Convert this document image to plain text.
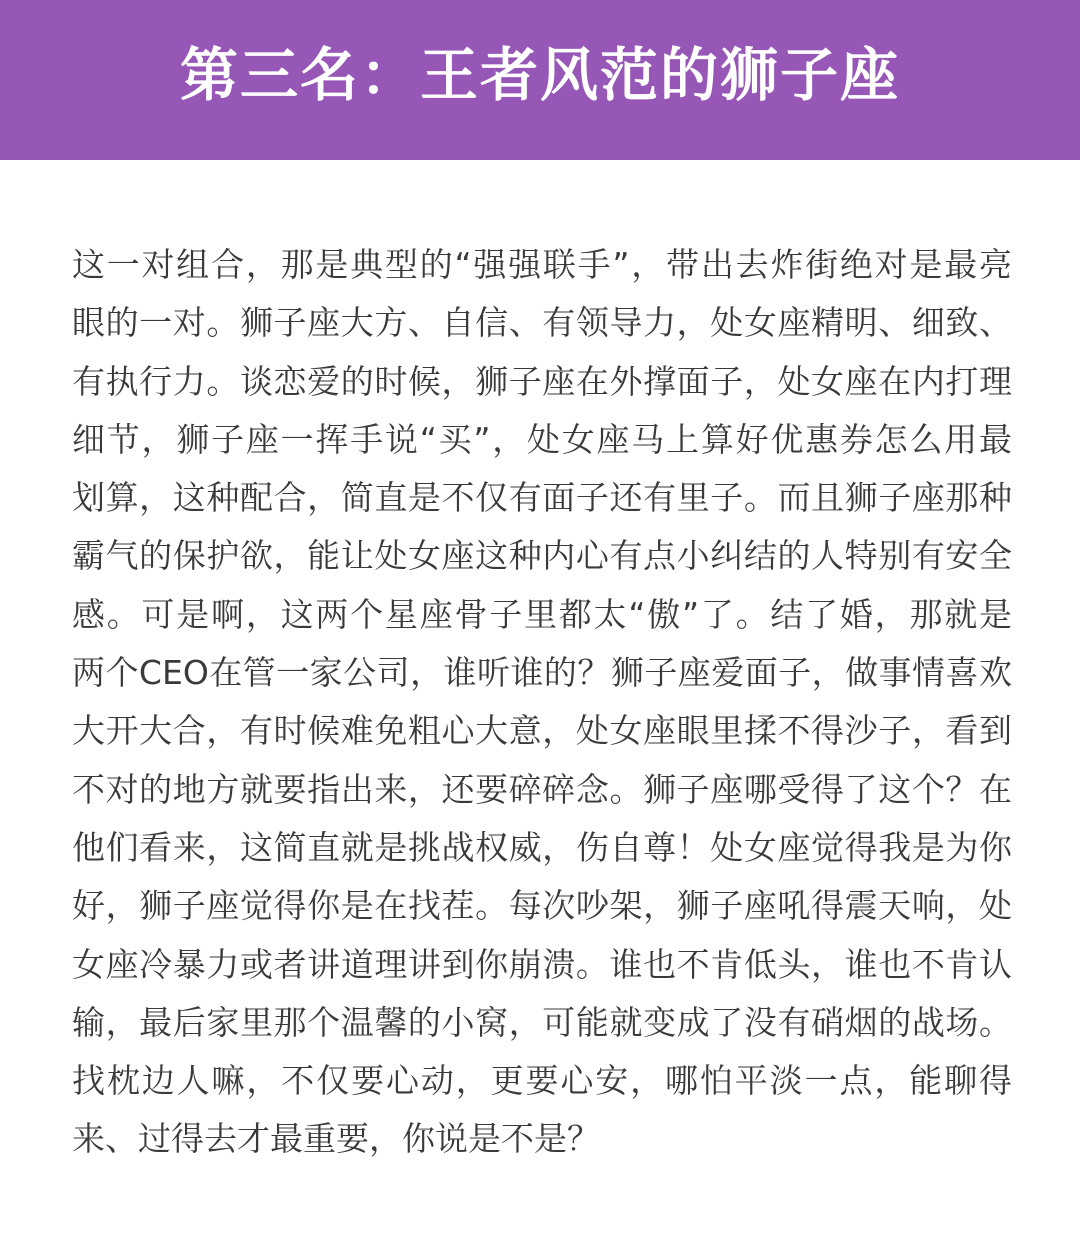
第三名：王者风范的狮子座
这一对组合，那是典型的“强强联手”，带出去炸街绝对是最亮
眼的一对。狮子座大方、自信、有领导力，处女座精明、细致、
有执行力。谈恋爱的时候，狮子座在外撑面子，处女座在内打理
细节，狮子座一挥手说“买”，处女座马上算好优惠券怎么用最
划算，这种配合，简直是不仅有面子还有里子。而且狮子座那种
霸气的保护欲，能让处女座这种内心有点小纠结的人特别有安全
感。可是啊，这两个星座骨子里都太“傲”了。结了婚，那就是
两个CEO在管一家公司，谁听谁的？狮子座爱面子，做事情喜欢
大开大合，有时候难免粗心大意，处女座眼里揉不得沙子，看到
不对的地方就要指出来，还要碎碎念。狮子座哪受得了这个？在
他们看来，这简直就是挑战权威，伤自尊！处女座觉得我是为你
好，狮子座觉得你是在找茬。每次吵架，狮子座吼得震天响，处
女座冷暴力或者讲道理讲到你崩溃。谁也不肯低头，谁也不肯认
输，最后家里那个温馨的小窝，可能就变成了没有硝烟的战场。
找枕边人嘛，不仅要心动，更要心安，哪怕平淡一点，能聊得
来、过得去才最重要，你说是不是？
